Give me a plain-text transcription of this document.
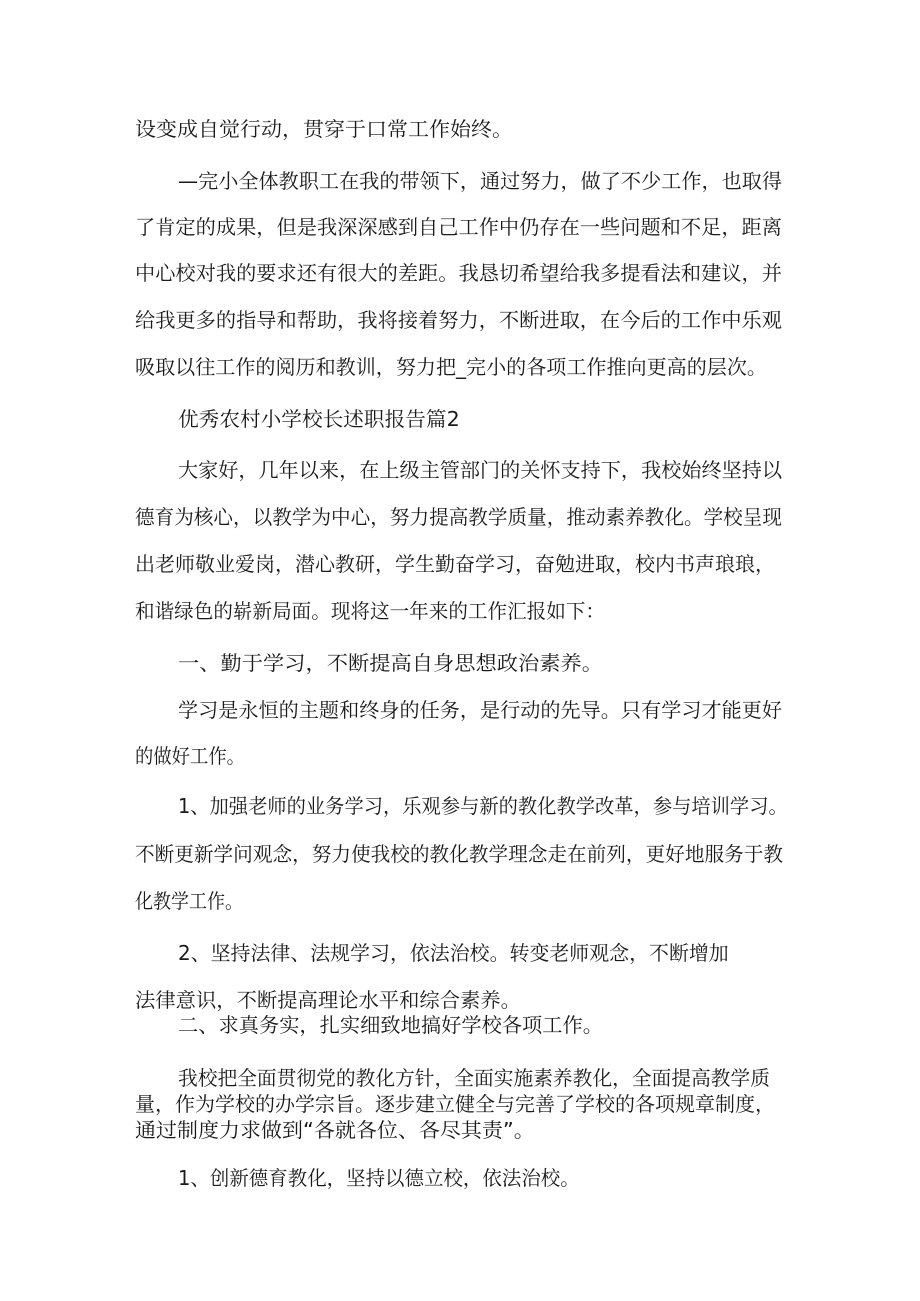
设变成自觉行动，贯穿于口常工作始终。
—完小全体教职工在我的带领下，通过努力，做了不少工作，也取得
了肯定的成果，但是我深深感到自己工作中仍存在一些问题和不足，距离
中心校对我的要求还有很大的差距。我恳切希望给我多提看法和建议，并
给我更多的指导和帮助，我将接着努力，不断进取，在今后的工作中乐观
吸取以往工作的阅历和教训，努力把_完小的各项工作推向更高的层次。
优秀农村小学校长述职报告篇2
大家好，几年以来，在上级主管部门的关怀支持下，我校始终坚持以
德育为核心，以教学为中心，努力提高教学质量，推动素养教化。学校呈现
出老师敬业爱岗，潜心教研，学生勤奋学习，奋勉进取，校内书声琅琅，
和谐绿色的崭新局面。现将这一年来的工作汇报如下：
一、勤于学习，不断提高自身思想政治素养。
学习是永恒的主题和终身的任务，是行动的先导。只有学习才能更好
的做好工作。
1、加强老师的业务学习，乐观参与新的教化教学改革，参与培训学习。
不断更新学问观念，努力使我校的教化教学理念走在前列，更好地服务于教
化教学工作。
2、坚持法律、法规学习，依法治校。转变老师观念，不断增加
法律意识，不断提高理论水平和综合素养。
二、求真务实，扎实细致地搞好学校各项工作。
我校把全面贯彻党的教化方针，全面实施素养教化，全面提高教学质
量，作为学校的办学宗旨。逐步建立健全与完善了学校的各项规章制度，
通过制度力求做到“各就各位、各尽其责”。
1、创新德育教化，坚持以德立校，依法治校。
